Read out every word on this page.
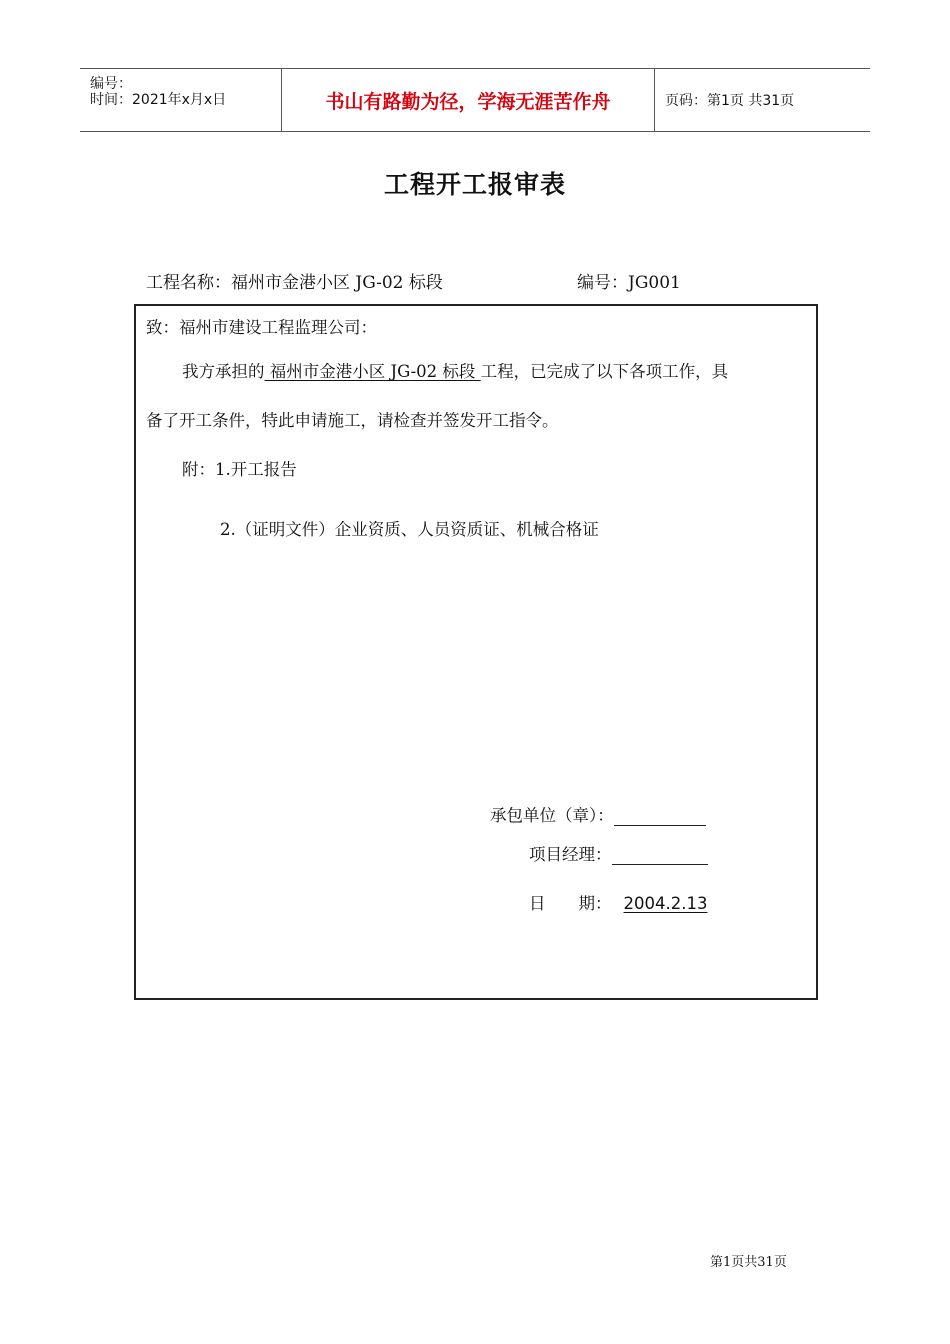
编号：
时间：2021年x月x日	书山有路勤为径，学海无涯苦作舟	页码：第1页 共31页
工程开工报审表
工程名称：福州市金港小区 JG-02 标段	编号：JG001
致：福州市建设工程监理公司：
我方承担的 福州市金港小区 JG-02 标段 工程，已完成了以下各项工作，具
备了开工条件，特此申请施工，请检查并签发开工指令。
附：1.开工报告
2.（证明文件）企业资质、人员资质证、机械合格证
承包单位（章）：
项目经理：
日　　期： 2004.2.13
第1页共31页
